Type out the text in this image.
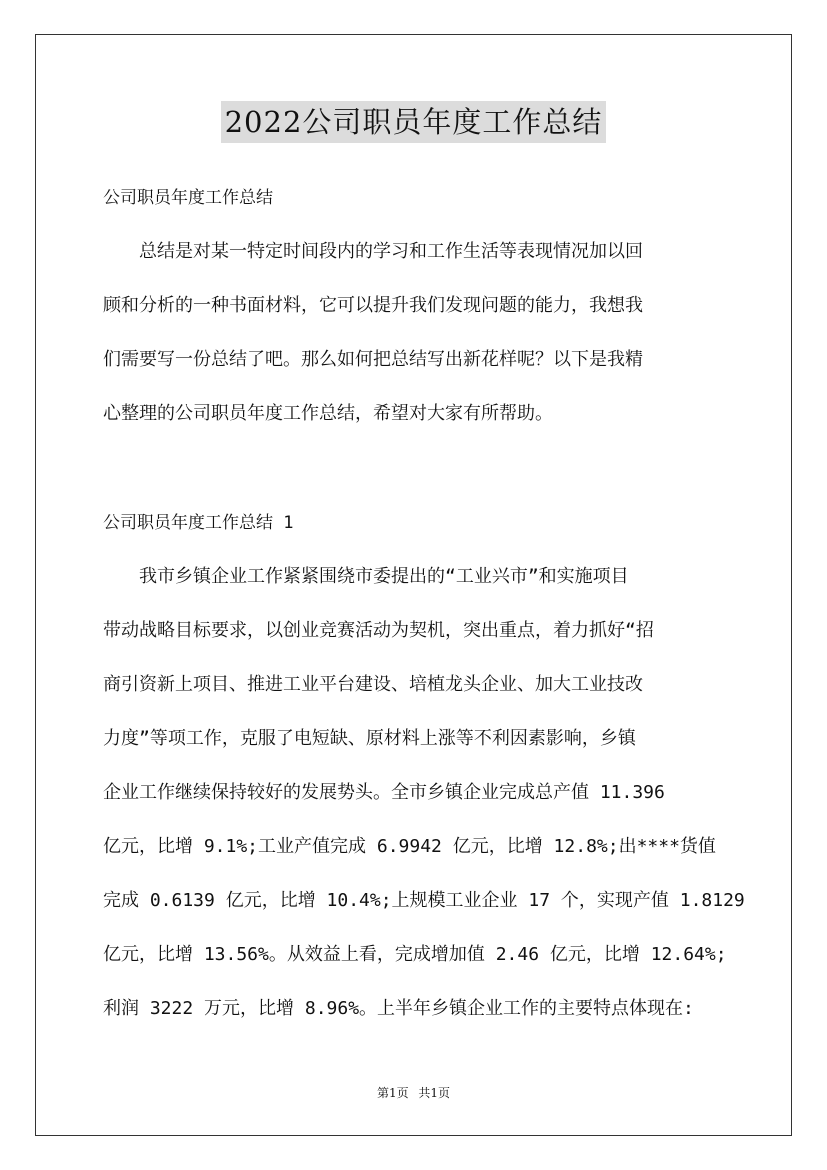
2022公司职员年度工作总结
公司职员年度工作总结
　　总结是对某一特定时间段内的学习和工作生活等表现情况加以回
顾和分析的一种书面材料，它可以提升我们发现问题的能力，我想我
们需要写一份总结了吧。那么如何把总结写出新花样呢？以下是我精
心整理的公司职员年度工作总结，希望对大家有所帮助。
公司职员年度工作总结 1
　　我市乡镇企业工作紧紧围绕市委提出的“工业兴市”和实施项目
带动战略目标要求，以创业竞赛活动为契机，突出重点，着力抓好“招
商引资新上项目、推进工业平台建设、培植龙头企业、加大工业技改
力度”等项工作，克服了电短缺、原材料上涨等不利因素影响，乡镇
企业工作继续保持较好的发展势头。全市乡镇企业完成总产值 11.396
亿元，比增 9.1%;工业产值完成 6.9942 亿元，比增 12.8%;出****货值
完成 0.6139 亿元，比增 10.4%;上规模工业企业 17 个，实现产值 1.8129
亿元，比增 13.56%。从效益上看，完成增加值 2.46 亿元，比增 12.64%;
利润 3222 万元，比增 8.96%。上半年乡镇企业工作的主要特点体现在:
第1页 共1页
